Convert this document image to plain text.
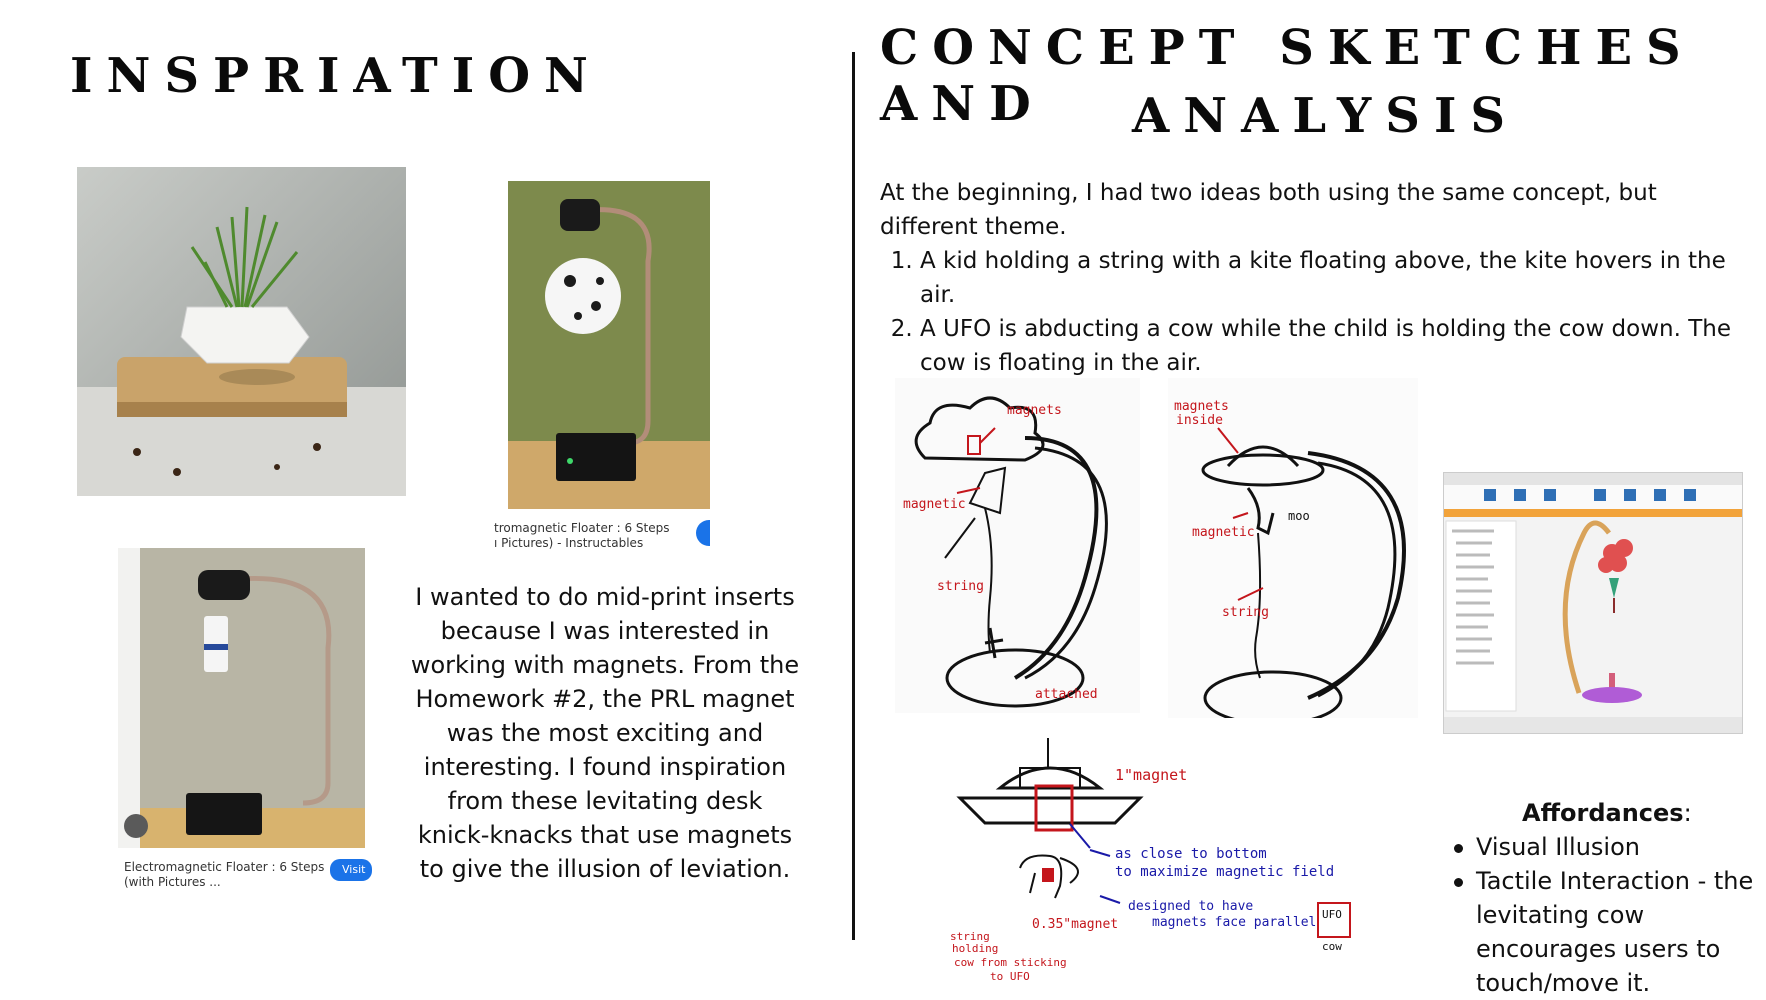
INSPRIATION	CONCEPT SKETCHES AND	ANALYSIS
tromagnetic Floater : 6 Steps
ı Pictures) - Instructables
Electromagnetic Floater : 6 Steps
(with Pictures ...
Visit
I wanted to do mid-print inserts because I was interested in working with magnets. From the Homework #2, the PRL magnet was the most exciting and interesting. I found inspiration from these levitating desk knick-knacks that use magnets to give the illusion of leviation.

At the beginning, I had two ideas both using the same concept, but different theme.

1. A kid holding a string with a kite floating above, the kite hovers in the air.
2. A UFO is abducting a cow while the child is holding the cow down. The cow is floating in the air.
magnets
magnetic
string
attached
magnets
inside
magnetic
moo
string
1"magnet
as close to bottom
to maximize magnetic field
designed to have
magnets face parallel
0.35"magnet
string
holding
cow from sticking
to UFO
UFO
cow
Affordances:
Visual Illusion
Tactile Interaction - the levitating cow encourages users to touch/move it.
